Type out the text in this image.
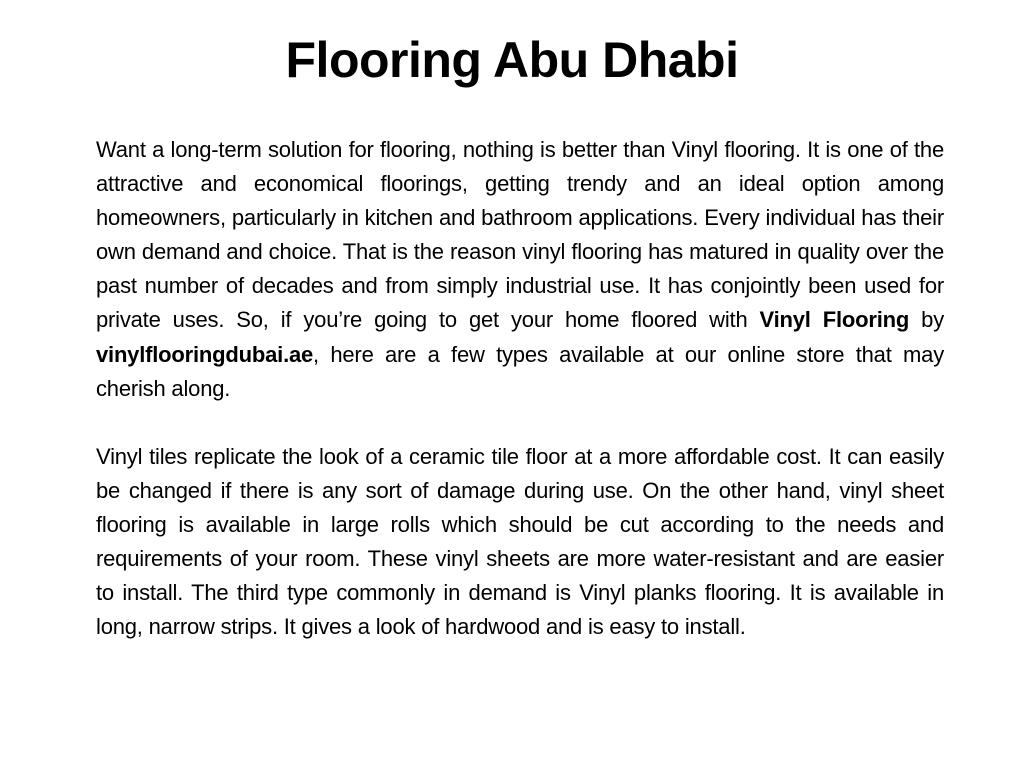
Flooring Abu Dhabi

Want a long-term solution for flooring, nothing is better than Vinyl flooring. It is one of the attractive and economical floorings, getting trendy and an ideal option among homeowners, particularly in kitchen and bathroom applications. Every individual has their own demand and choice. That is the reason vinyl flooring has matured in quality over the past number of decades and from simply industrial use. It has conjointly been used for private uses. So, if you’re going to get your home floored with Vinyl Flooring by vinylflooringdubai.ae, here are a few types available at our online store that may cherish along.

Vinyl tiles replicate the look of a ceramic tile floor at a more affordable cost. It can easily be changed if there is any sort of damage during use. On the other hand, vinyl sheet flooring is available in large rolls which should be cut according to the needs and requirements of your room. These vinyl sheets are more water-resistant and are easier to install. The third type commonly in demand is Vinyl planks flooring. It is available in long, narrow strips. It gives a look of hardwood and is easy to install.
